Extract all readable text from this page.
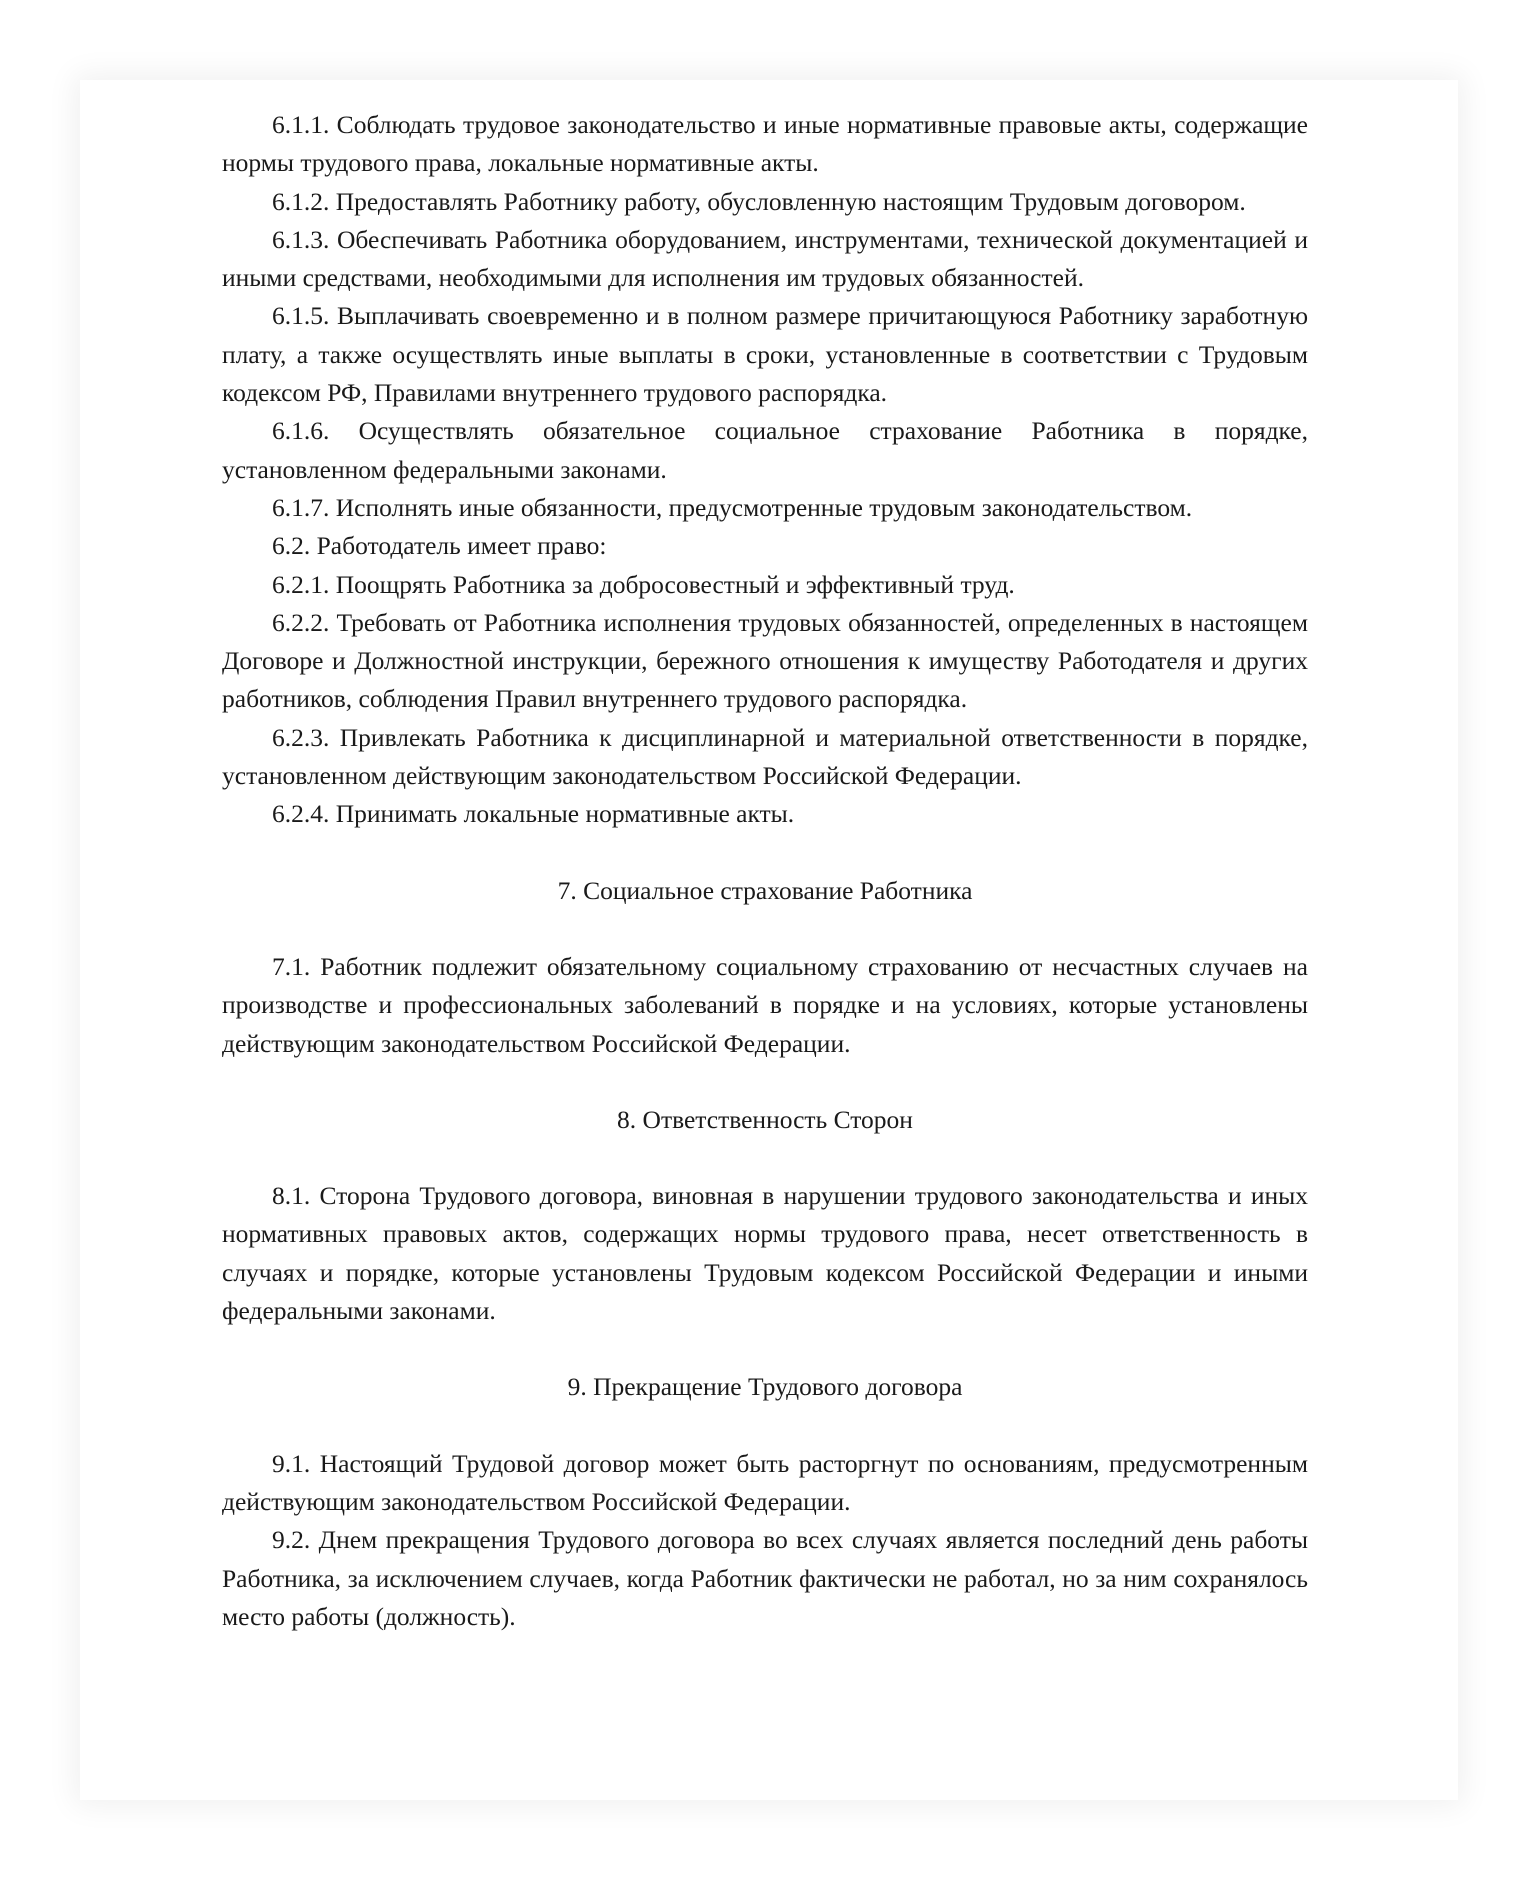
6.1.1. Соблюдать трудовое законодательство и иные нормативные правовые акты, содержащие нормы трудового права, локальные нормативные акты.

6.1.2. Предоставлять Работнику работу, обусловленную настоящим Трудовым договором.

6.1.3. Обеспечивать Работника оборудованием, инструментами, технической документацией и иными средствами, необходимыми для исполнения им трудовых обязанностей.

6.1.5. Выплачивать своевременно и в полном размере причитающуюся Работнику заработную плату, а также осуществлять иные выплаты в сроки, установленные в соответствии с Трудовым кодексом РФ, Правилами внутреннего трудового распорядка.

6.1.6. Осуществлять обязательное социальное страхование Работника в порядке, установленном федеральными законами.

6.1.7. Исполнять иные обязанности, предусмотренные трудовым законодательством.

6.2. Работодатель имеет право:

6.2.1. Поощрять Работника за добросовестный и эффективный труд.

6.2.2. Требовать от Работника исполнения трудовых обязанностей, определенных в настоящем Договоре и Должностной инструкции, бережного отношения к имуществу Работодателя и других работников, соблюдения Правил внутреннего трудового распорядка.

6.2.3. Привлекать Работника к дисциплинарной и материальной ответственности в порядке, установленном действующим законодательством Российской Федерации.

6.2.4. Принимать локальные нормативные акты.

7. Социальное страхование Работника

7.1. Работник подлежит обязательному социальному страхованию от несчастных случаев на производстве и профессиональных заболеваний в порядке и на условиях, которые установлены действующим законодательством Российской Федерации.

8. Ответственность Сторон

8.1. Сторона Трудового договора, виновная в нарушении трудового законодательства и иных нормативных правовых актов, содержащих нормы трудового права, несет ответственность в случаях и порядке, которые установлены Трудовым кодексом Российской Федерации и иными федеральными законами.

9. Прекращение Трудового договора

9.1. Настоящий Трудовой договор может быть расторгнут по основаниям, предусмотренным действующим законодательством Российской Федерации.

9.2. Днем прекращения Трудового договора во всех случаях является последний день работы Работника, за исключением случаев, когда Работник фактически не работал, но за ним сохранялось место работы (должность).
